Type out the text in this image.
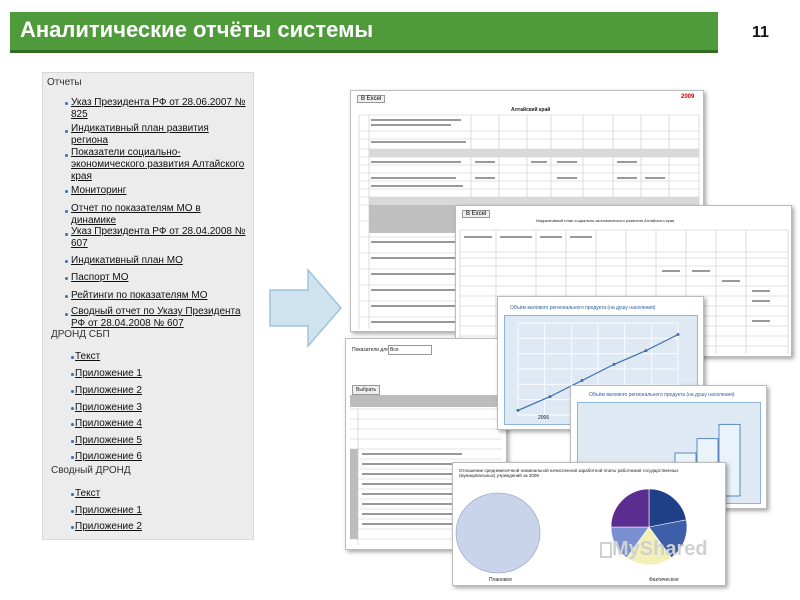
Аналитические отчёты системы	11
Отчеты
Указ Президента РФ от 28.06.2007 № 825
Индикативный план развития региона
Показатели социально-экономического развития Алтайского края
Мониторинг
Отчет по показателям МО в динамике
Указ Президента РФ от 28.04.2008 № 607
Индикативный план МО
Паспорт МО
Рейтинги по показателям МО
Сводный отчет по Указу Президента РФ от 28.04.2008 № 607
ДРОНД СБП
Текст
Приложение 1
Приложение 2
Приложение 3
Приложение 4
Приложение 5
Приложение 6
Сводный ДРОНД
Текст
Приложение 1
Приложение 2
В Excel	2009
Алтайский край
В Excel
Индикативный план социально-экономического развития Алтайского края
Показатели для Все
Выбрать
Объём валового регионального продукта (на душу населения)
2006
Объём валового регионального продукта (на душу населения)
Отношение среднемесячной номинальной начисленной заработной платы работников государственных (муниципальных) учреждений за 2009
Плановое	Фактическое
MyShared
